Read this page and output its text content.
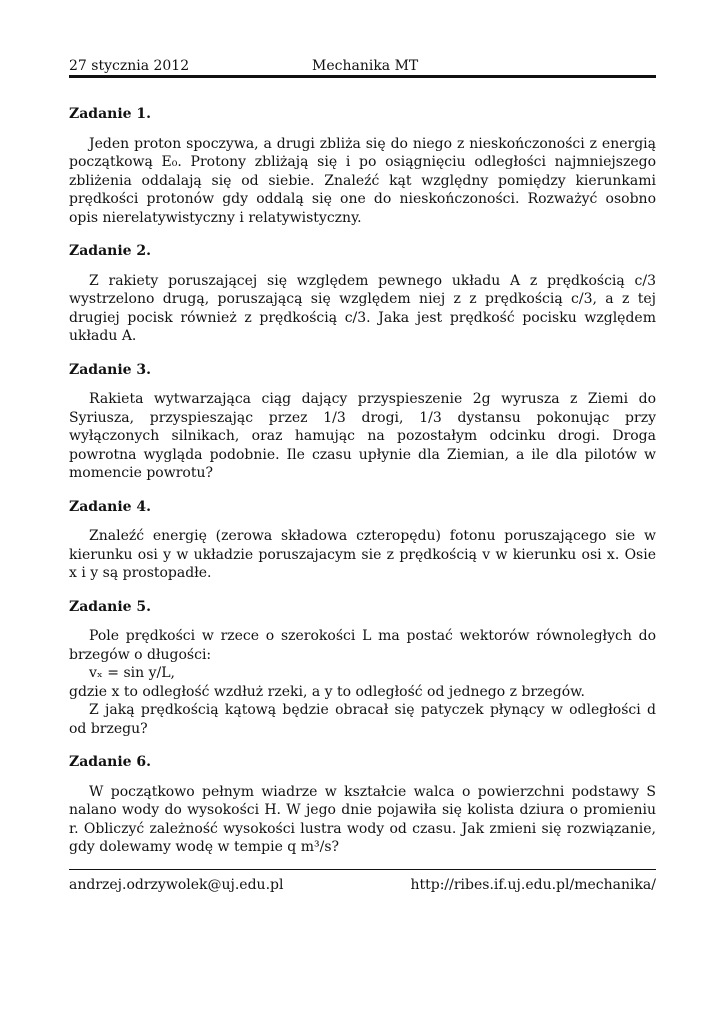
27 stycznia 2012	Mechanika MT
Zadanie 1.

Jeden proton spoczywa, a drugi zbliża się do niego z nieskończoności z energią początkową E₀. Protony zbliżają się i po osiągnięciu odległości najmniejszego zbliżenia oddalają się od siebie. Znaleźć kąt względny pomiędzy kierunkami prędkości protonów gdy oddalą się one do nieskończoności. Rozważyć osobno opis nierelatywistyczny i relatywistyczny.

Zadanie 2.

Z rakiety poruszającej się względem pewnego układu A z prędkością c/3 wystrzelono drugą, poruszającą się względem niej z z prędkością c/3, a z tej drugiej pocisk również z prędkością c/3. Jaka jest prędkość pocisku względem układu A.

Zadanie 3.

Rakieta wytwarzająca ciąg dający przyspieszenie 2g wyrusza z Ziemi do Syriusza, przyspieszając przez 1/3 drogi, 1/3 dystansu pokonując przy wyłączonych silnikach, oraz hamując na pozostałym odcinku drogi. Droga powrotna wygląda podobnie. Ile czasu upłynie dla Ziemian, a ile dla pilotów w momencie powrotu?

Zadanie 4.

Znaleźć energię (zerowa składowa czteropędu) fotonu poruszającego sie w kierunku osi y w układzie poruszajacym sie z prędkością v w kierunku osi x. Osie x i y są prostopadłe.

Zadanie 5.

Pole prędkości w rzece o szerokości L ma postać wektorów równoległych do brzegów o długości:

vₓ = sin y/L,

gdzie x to odległość wzdłuż rzeki, a y to odległość od jednego z brzegów.

Z jaką prędkością kątową będzie obracał się patyczek płynący w odległości d od brzegu?

Zadanie 6.

W początkowo pełnym wiadrze w kształcie walca o powierzchni podstawy S nalano wody do wysokości H. W jego dnie pojawiła się kolista dziura o promieniu r. Obliczyć zależność wysokości lustra wody od czasu. Jak zmieni się rozwiązanie, gdy dolewamy wodę w tempie q m³/s?

andrzej.odrzywolek@uj.edu.pl	http://ribes.if.uj.edu.pl/mechanika/
